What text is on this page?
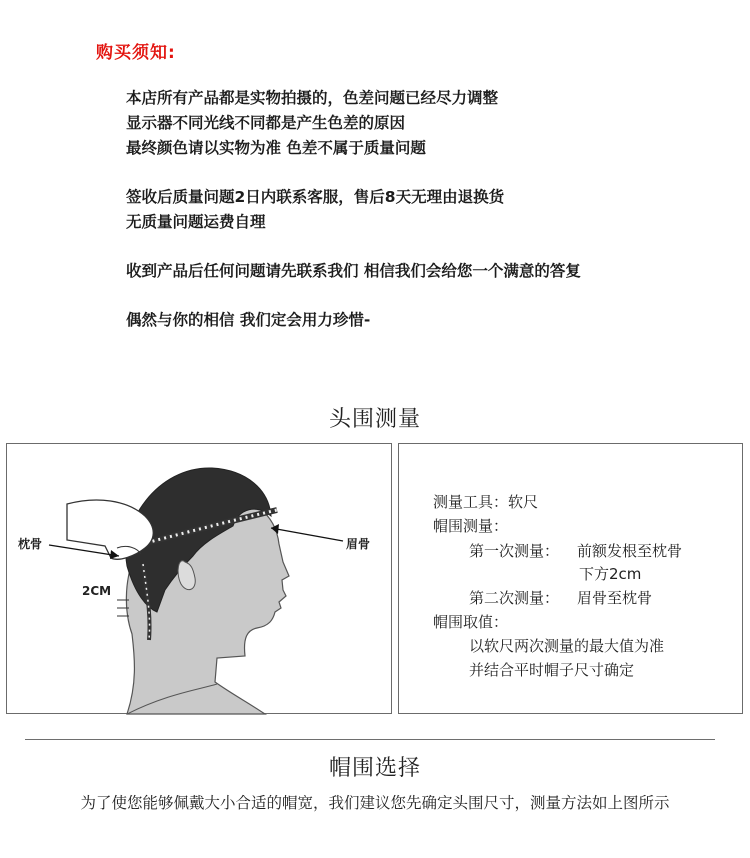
购买须知:
本店所有产品都是实物拍摄的，色差问题已经尽力调整
显示器不同光线不同都是产生色差的原因
最终颜色请以实物为准 色差不属于质量问题
签收后质量问题2日内联系客服，售后8天无理由退换货
无质量问题运费自理
收到产品后任何问题请先联系我们 相信我们会给您一个满意的答复
偶然与你的相信 我们定会用力珍惜-
头围测量
枕骨	眉骨
2CM
测量工具：软尺
帽围测量：
第一次测量： 前额发根至枕骨
下方2cm
第二次测量： 眉骨至枕骨
帽围取值：
以软尺两次测量的最大值为准
并结合平时帽子尺寸确定
帽围选择
为了使您能够佩戴大小合适的帽宽，我们建议您先确定头围尺寸，测量方法如上图所示
